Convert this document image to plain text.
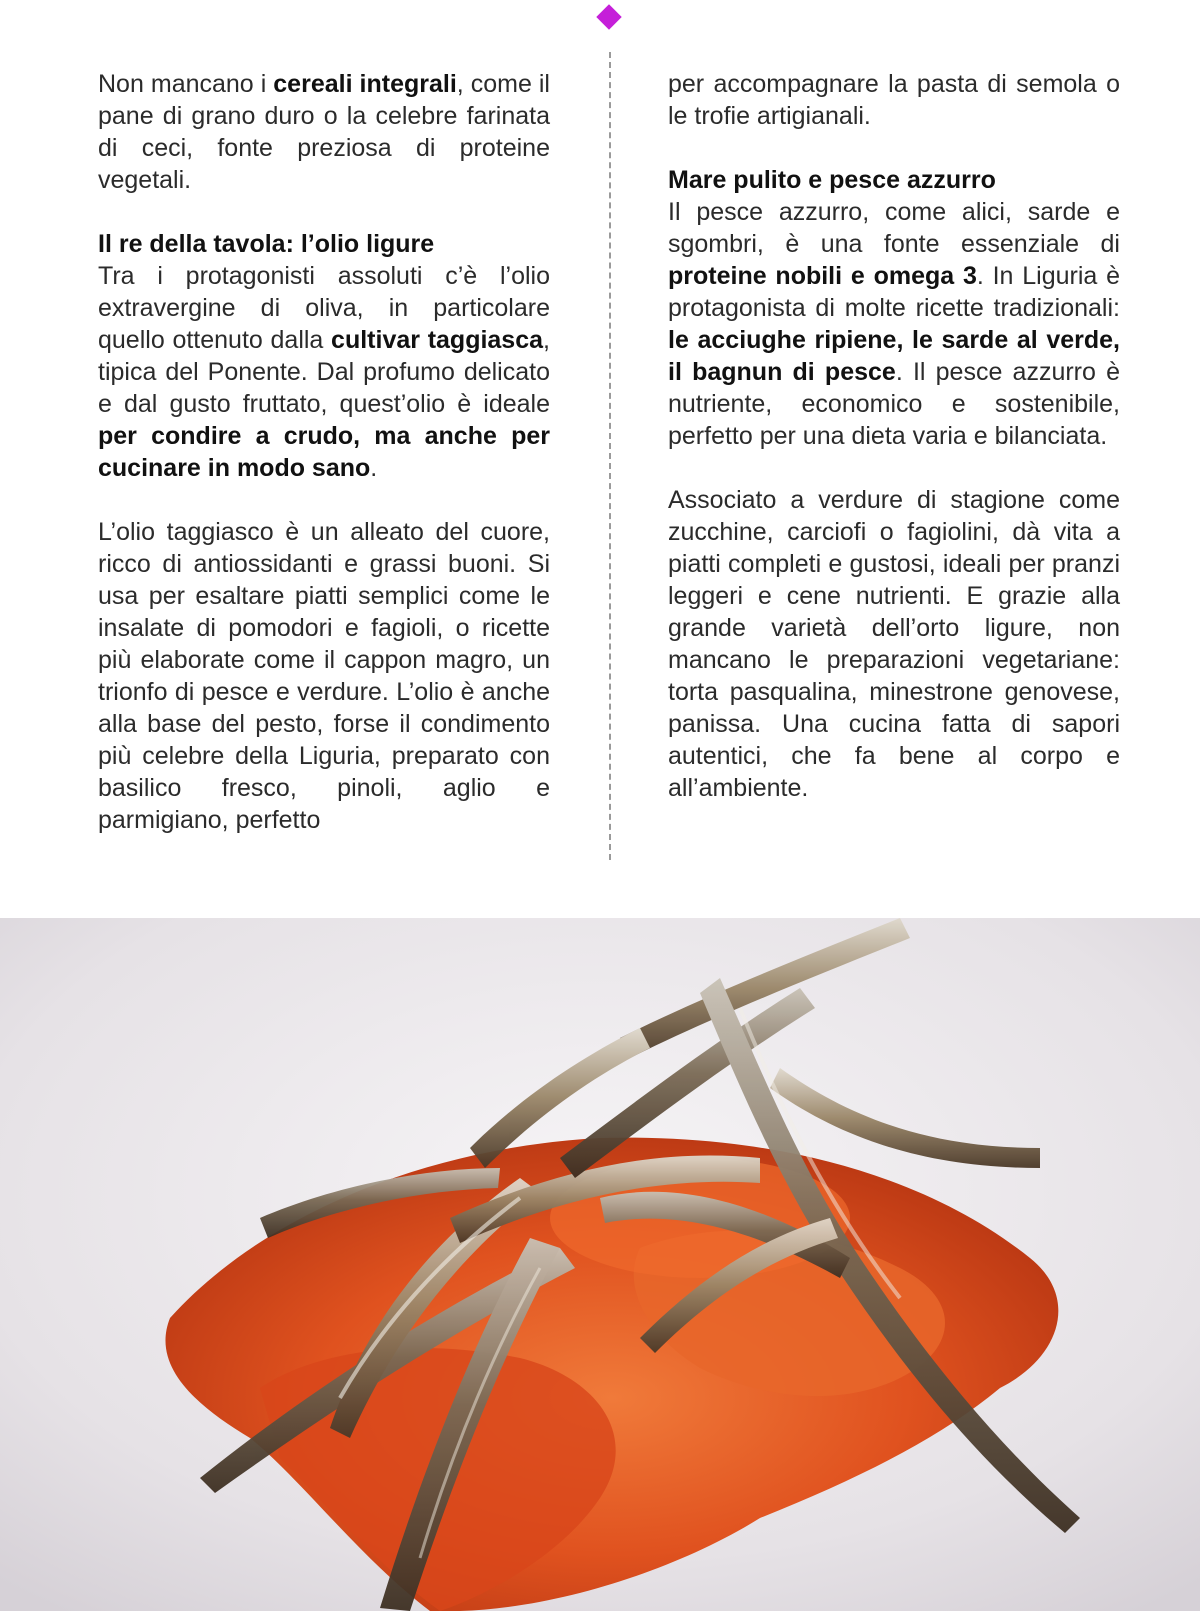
Non mancano i cereali integrali, come il pane di grano duro o la celebre farinata di ceci, fonte preziosa di proteine vegetali.

Il re della tavola: l’olio ligure

Tra i protagonisti assoluti c’è l’olio extravergine di oliva, in particolare quello ottenuto dalla cultivar taggiasca, tipica del Ponente. Dal profumo delicato e dal gusto fruttato, quest’olio è ideale per condire a crudo, ma anche per cucinare in modo sano.

L’olio taggiasco è un alleato del cuore, ricco di antiossidanti e grassi buoni. Si usa per esaltare piatti semplici come le insalate di pomodori e fagioli, o ricette più elaborate come il cappon magro, un trionfo di pesce e verdure. L’olio è anche alla base del pesto, forse il condimento più celebre della Liguria, preparato con basilico fresco, pinoli, aglio e parmigiano, perfetto

per accompagnare la pasta di semola o le trofie artigianali.

Mare pulito e pesce azzurro

Il pesce azzurro, come alici, sarde e sgombri, è una fonte essenziale di proteine nobili e omega 3. In Liguria è protagonista di molte ricette tradizionali: le acciughe ripiene, le sarde al verde, il bagnun di pesce. Il pesce azzurro è nutriente, economico e sostenibile, perfetto per una dieta varia e bilanciata.

Associato a verdure di stagione come zucchine, carciofi o fagiolini, dà vita a piatti completi e gustosi, ideali per pranzi leggeri e cene nutrienti. E grazie alla grande varietà dell’orto ligure, non mancano le preparazioni vegetariane: torta pasqualina, minestrone genovese, panissa. Una cucina fatta di sapori autentici, che fa bene al corpo e all’ambiente.
